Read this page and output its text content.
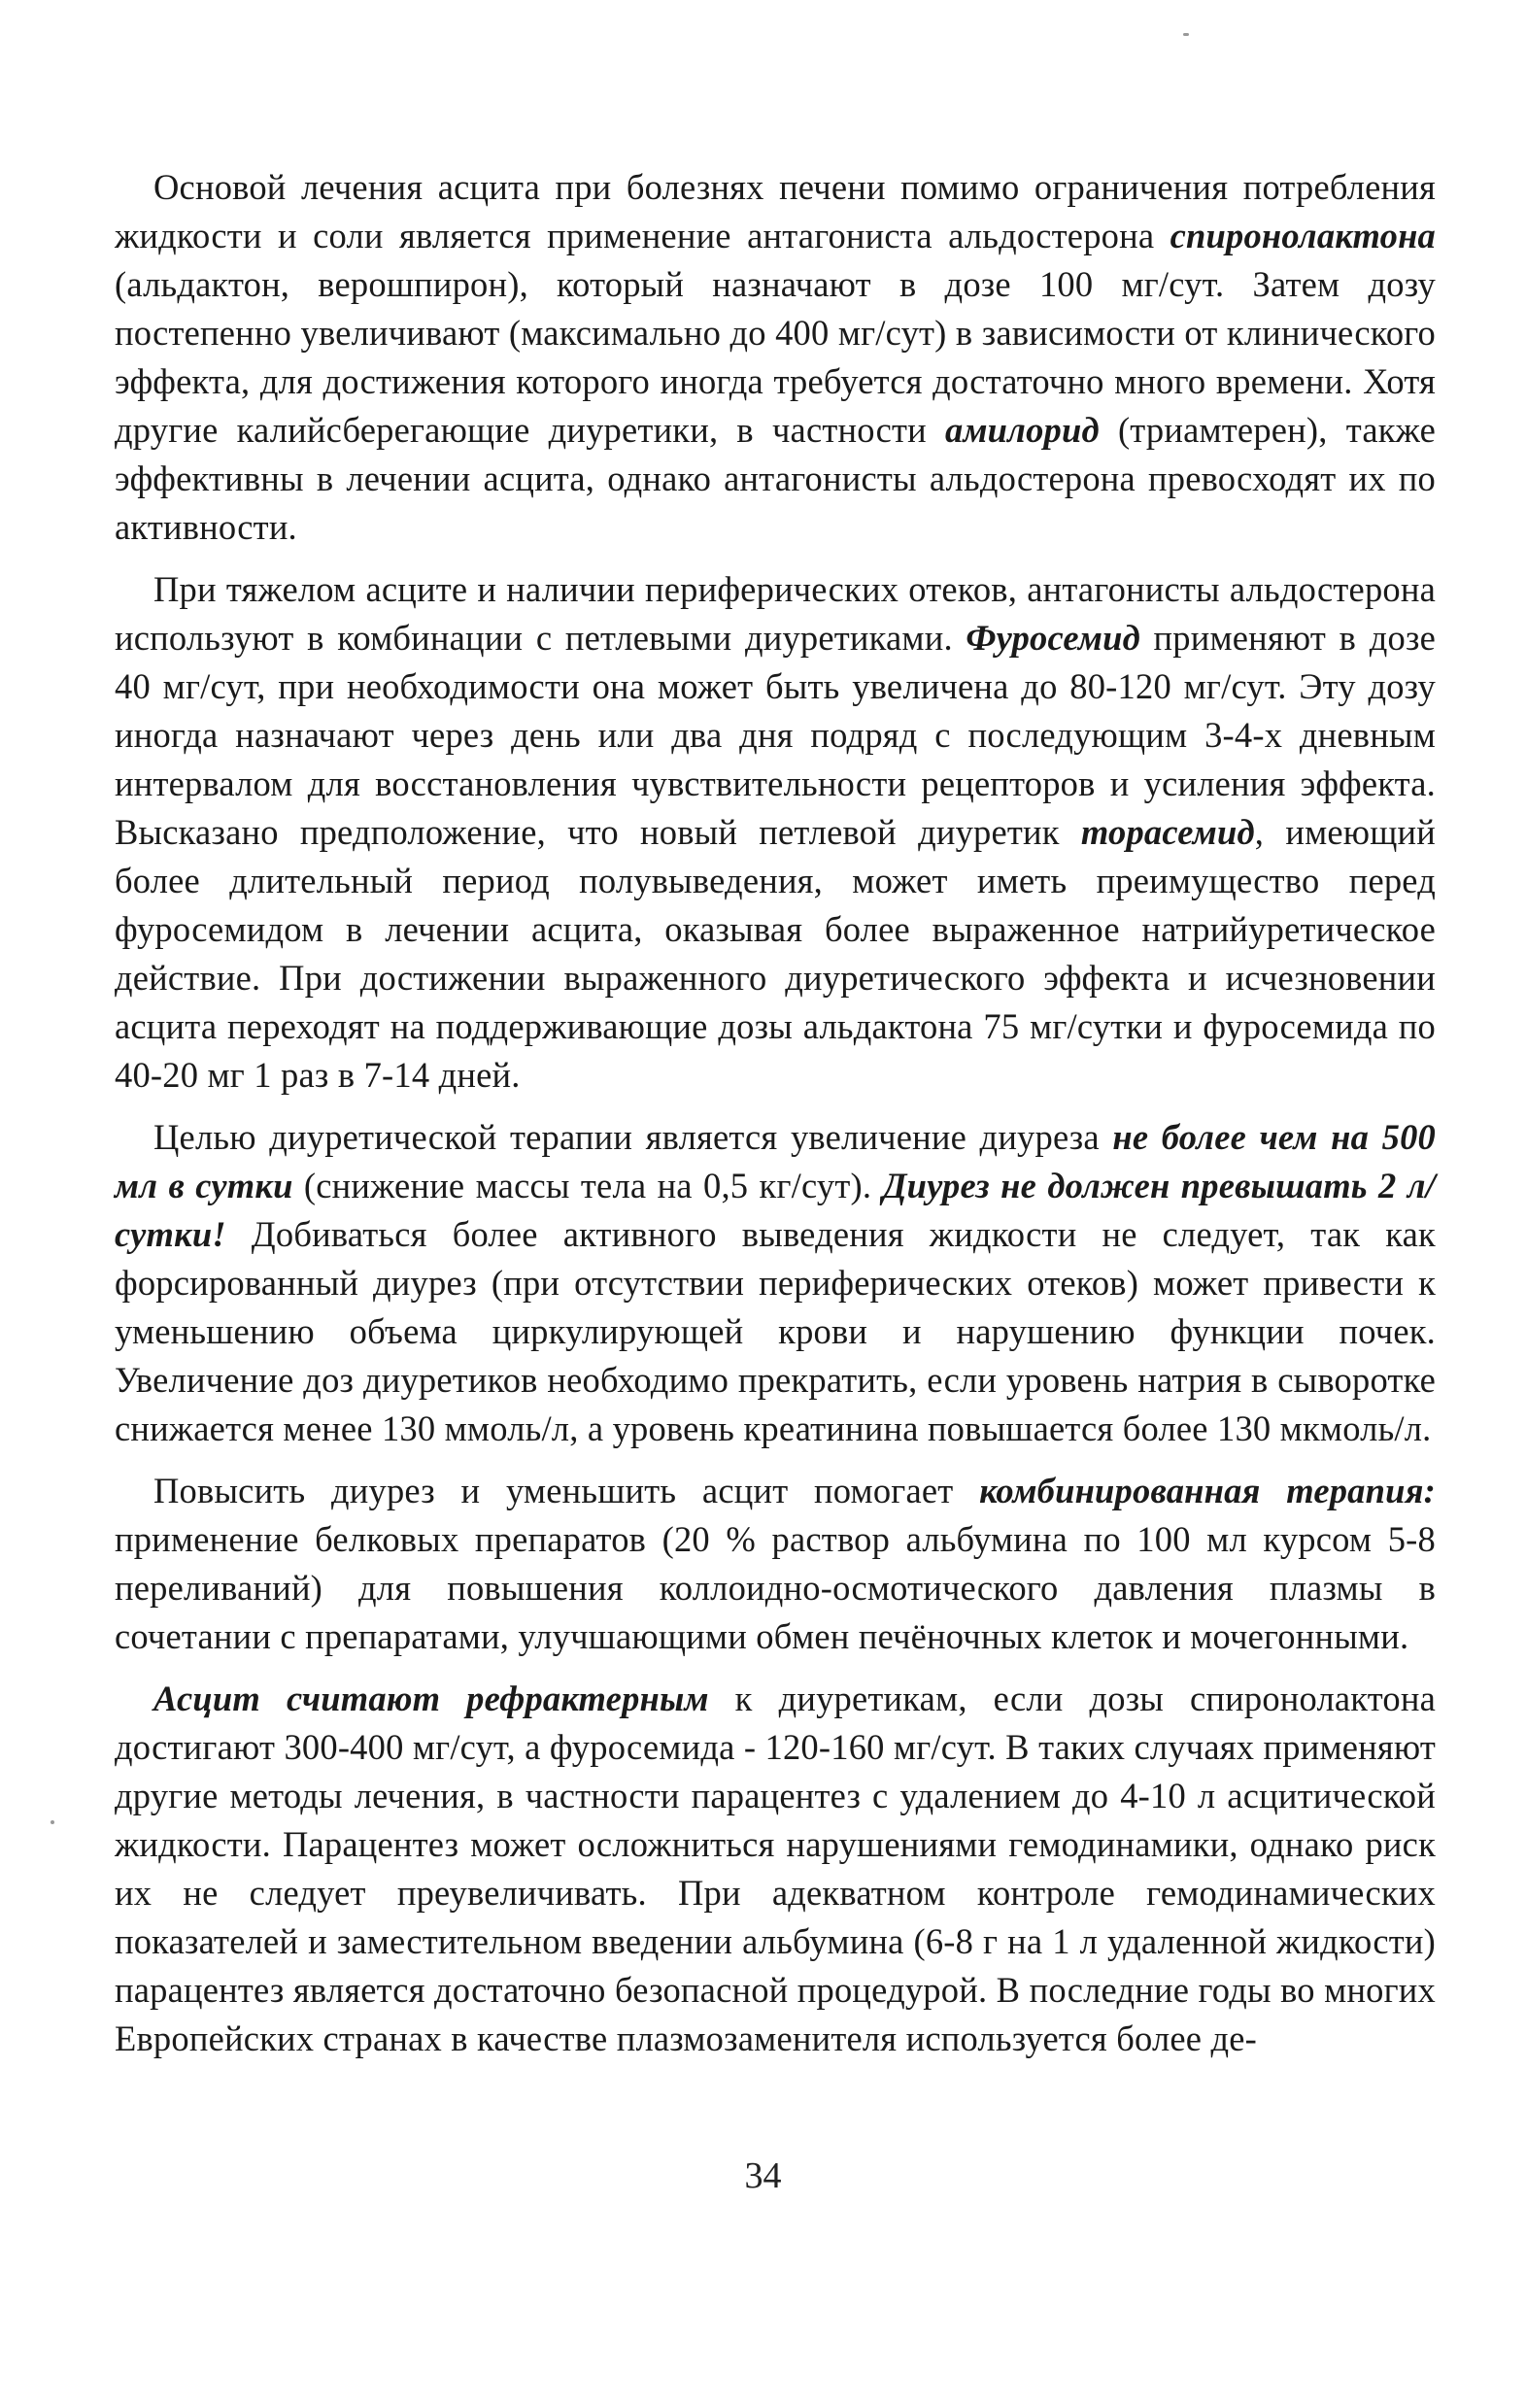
Основой лечения асцита при болезнях печени помимо ограничения потребления жидкости и соли является применение антагониста альдостерона спиронолактона (альдактон, верошпирон), который назначают в дозе 100 мг/сут. Затем дозу постепенно увеличивают (максимально до 400 мг/сут) в зависимости от клинического эффекта, для достижения которого иногда требуется достаточно много времени. Хотя другие калийсберегающие диуретики, в частности амилорид (триамтерен), также эффективны в лечении асцита, однако антагонисты альдостерона превосходят их по активности.

При тяжелом асците и наличии периферических отеков, антагонисты альдостерона используют в комбинации с петлевыми диуретиками. Фуросемид применяют в дозе 40 мг/сут, при необходимости она может быть увеличена до 80-120 мг/сут. Эту дозу иногда назначают через день или два дня подряд с последующим 3-4-х дневным интервалом для восстановления чувствительности рецепторов и усиления эффекта. Высказано предположение, что новый петлевой диуретик торасемид, имеющий более длительный период полувыведения, может иметь преимущество перед фуросемидом в лечении асцита, оказывая более выраженное натрийуретическое действие. При достижении выраженного диуретического эффекта и исчезновении асцита переходят на поддерживающие дозы альдактона 75 мг/сутки и фуросемида по 40-20 мг 1 раз в 7-14 дней.

Целью диуретической терапии является увеличение диуреза не более чем на 500 мл в сутки (снижение массы тела на 0,5 кг/сут). Диурез не должен превышать 2 л/сутки! Добиваться более активного выведения жидкости не следует, так как форсированный диурез (при отсутствии периферических отеков) может привести к уменьшению объема циркулирующей крови и нарушению функции почек. Увеличение доз диуретиков необходимо прекратить, если уровень натрия в сыворотке снижается менее 130 ммоль/л, а уровень креатинина повышается более 130 мкмоль/л.

Повысить диурез и уменьшить асцит помогает комбинированная терапия: применение белковых препаратов (20 % раствор альбумина по 100 мл курсом 5-8 переливаний) для повышения коллоидно-осмотического давления плазмы в сочетании с препаратами, улучшающими обмен печёночных клеток и мочегонными.

Асцит считают рефрактерным к диуретикам, если дозы спиронолактона достигают 300-400 мг/сут, а фуросемида - 120-160 мг/сут. В таких случаях применяют другие методы лечения, в частности парацентез с удалением до 4-10 л асцитической жидкости. Парацентез может осложниться нарушениями гемодинамики, однако риск их не следует преувеличивать. При адекватном контроле гемодинамических показателей и заместительном введении альбумина (6-8 г на 1 л удаленной жидкости) парацентез является достаточно безопасной процедурой. В последние годы во многих Европейских странах в качестве плазмозаменителя используется более де-

34
